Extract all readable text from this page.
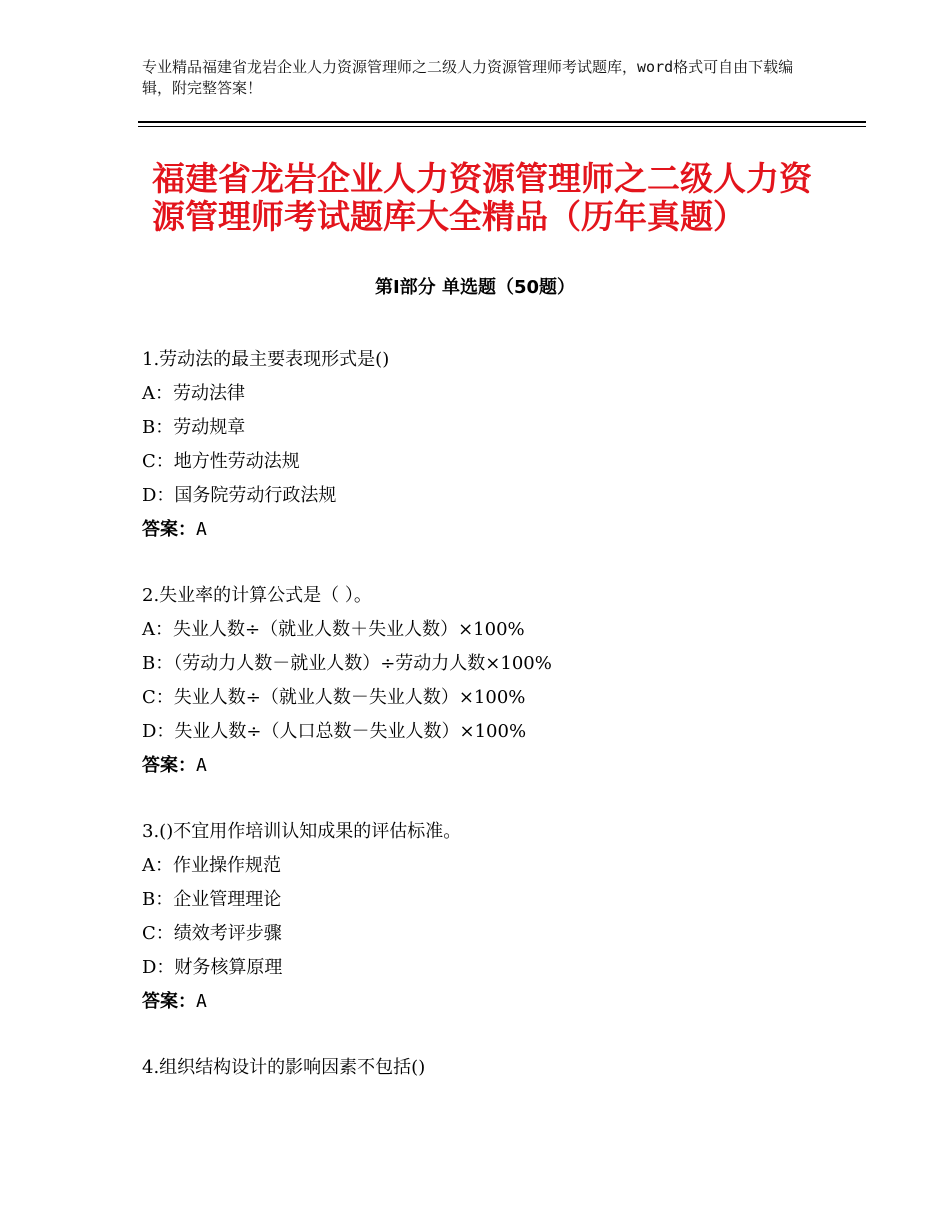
专业精品福建省龙岩企业人力资源管理师之二级人力资源管理师考试题库，word格式可自由下载编辑，附完整答案！
福建省龙岩企业人力资源管理师之二级人力资源管理师考试题库大全精品（历年真题）
第Ⅰ部分 单选题（50题）
1.劳动法的最主要表现形式是()
A：劳动法律
B：劳动规章
C：地方性劳动法规
D：国务院劳动行政法规
答案：A
2.失业率的计算公式是（ ）。
A：失业人数÷（就业人数＋失业人数）×100%
B：（劳动力人数－就业人数）÷劳动力人数×100%
C：失业人数÷（就业人数－失业人数）×100%
D：失业人数÷（人口总数－失业人数）×100%
答案：A
3.()不宜用作培训认知成果的评估标准。
A：作业操作规范
B：企业管理理论
C：绩效考评步骤
D：财务核算原理
答案：A
4.组织结构设计的影响因素不包括()
